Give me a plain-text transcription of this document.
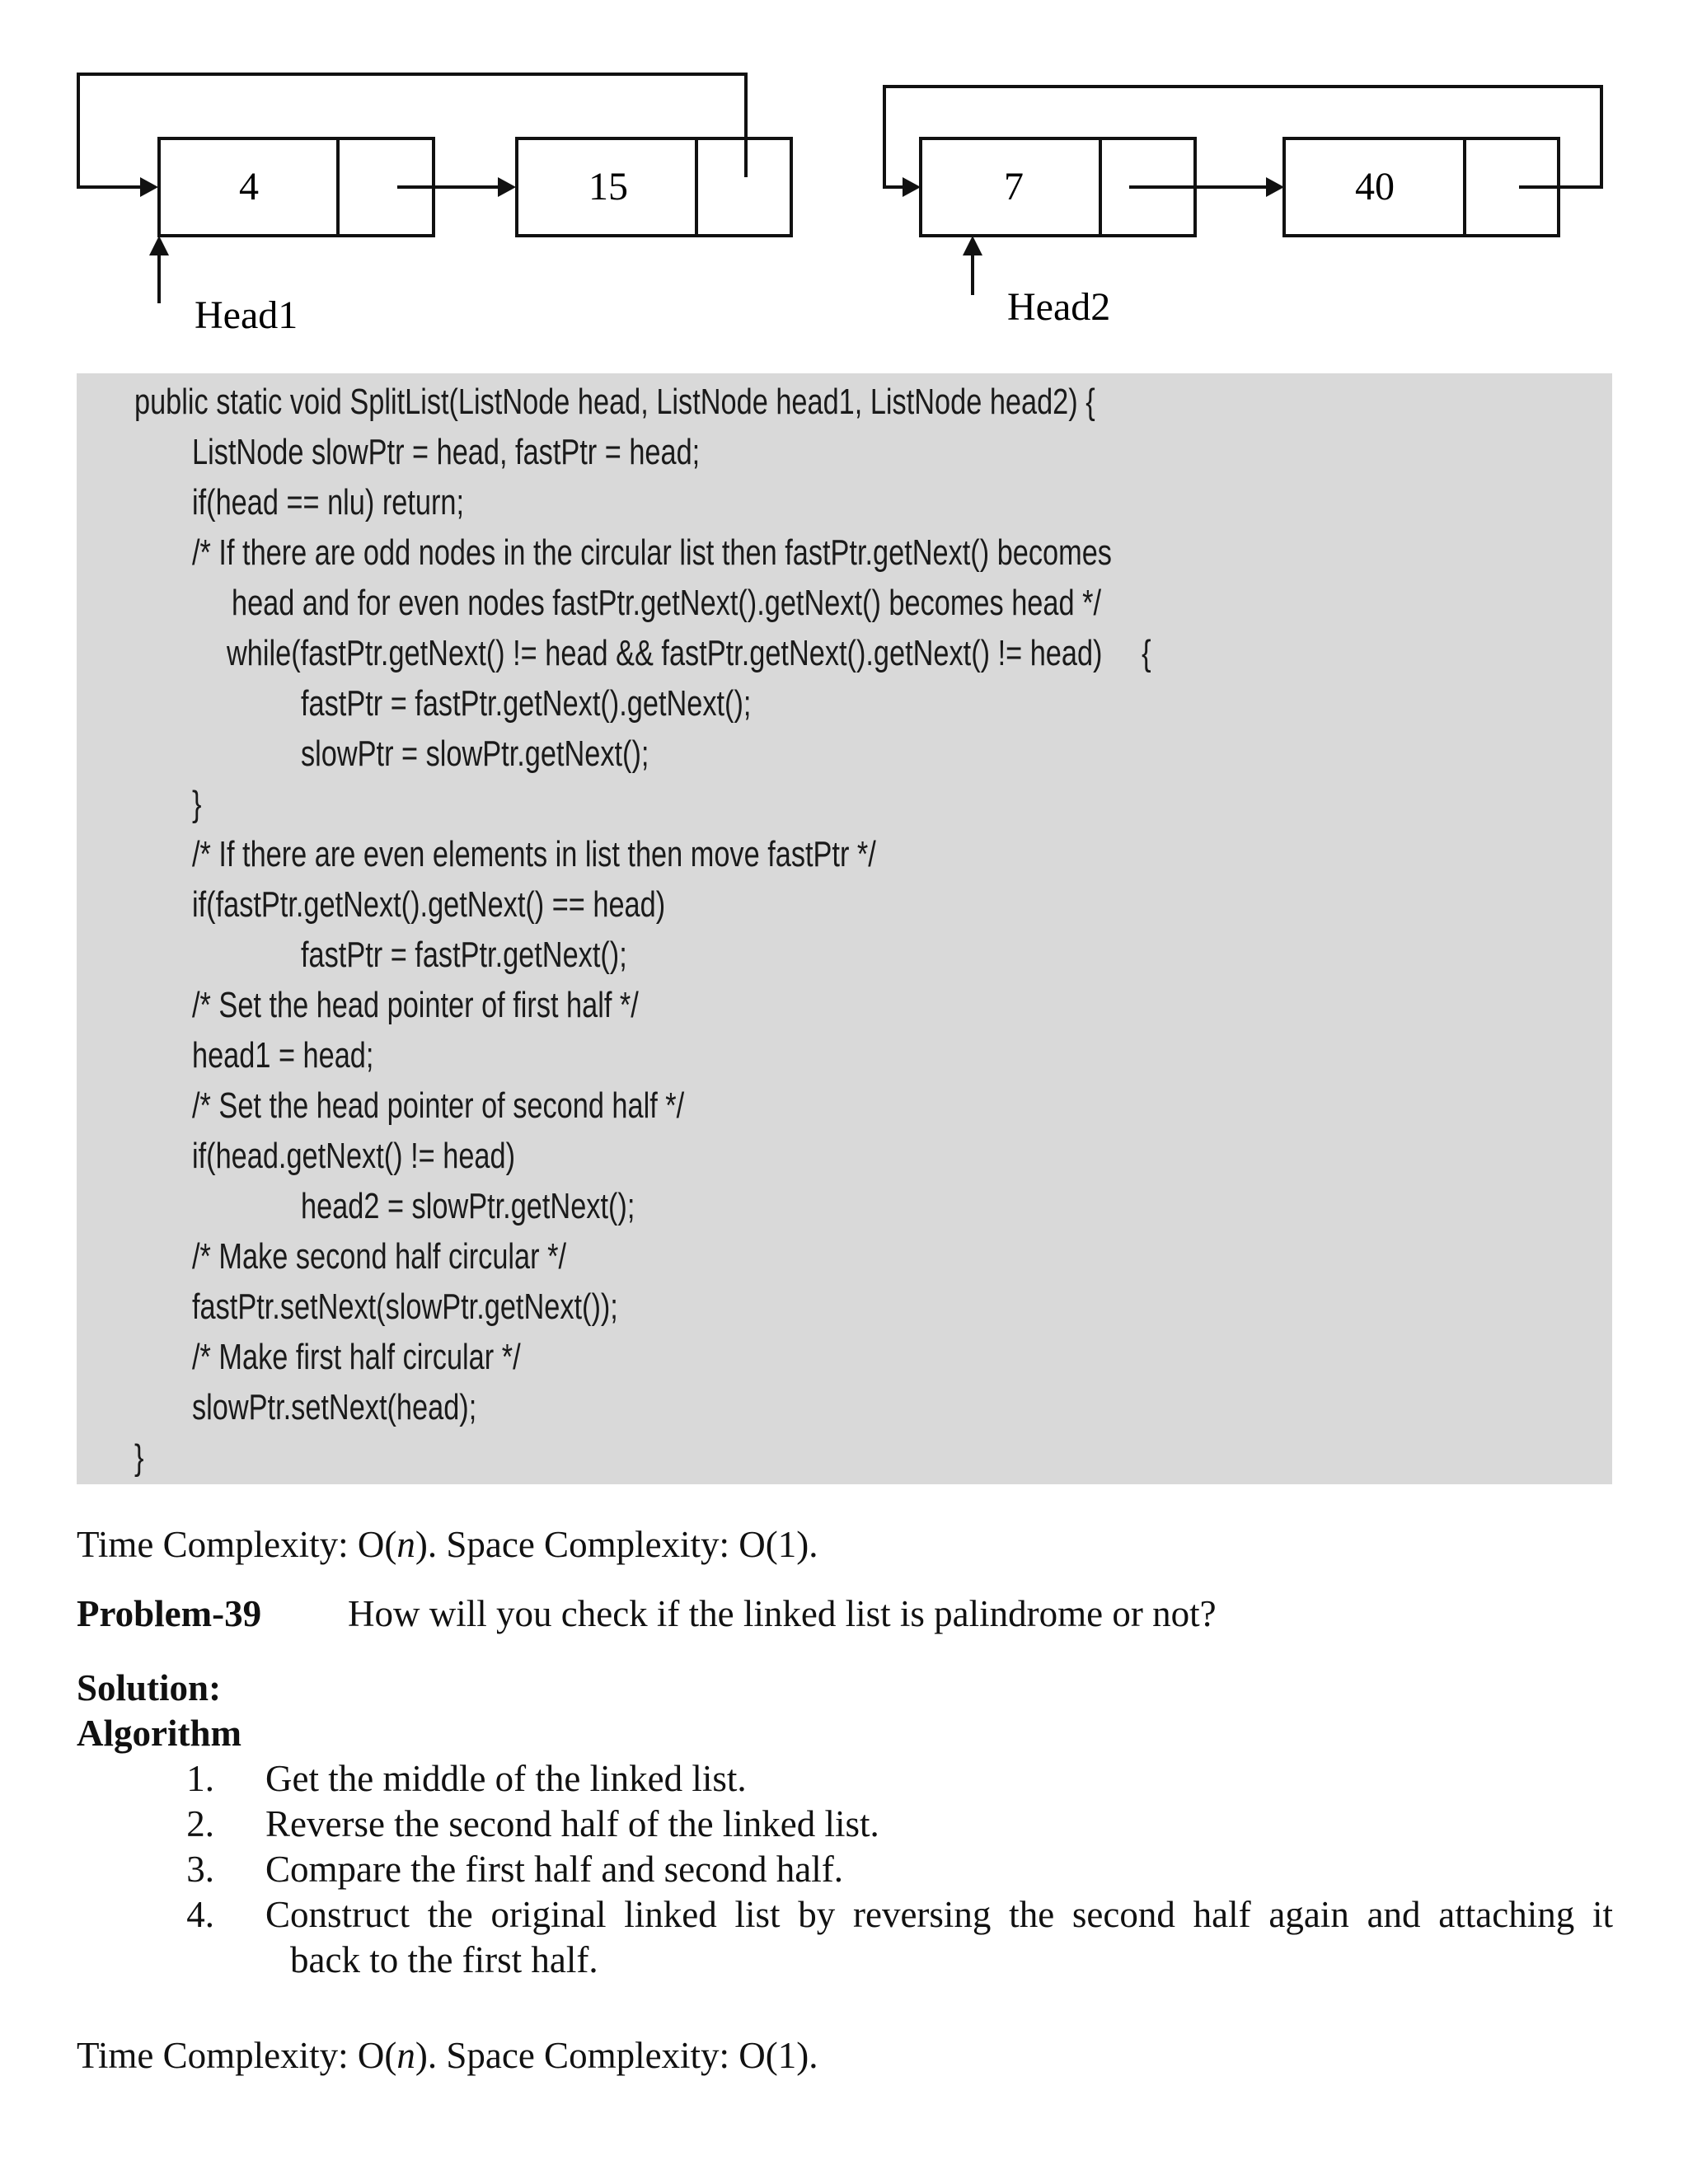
4	15
Head1
7	40
Head2
public static void SplitList(ListNode head, ListNode head1, ListNode head2) {
ListNode slowPtr = head, fastPtr = head;
if(head == nlu) return;
/* If there are odd nodes in the circular list then fastPtr.getNext() becomes
head and for even nodes fastPtr.getNext().getNext() becomes head */
while(fastPtr.getNext() != head && fastPtr.getNext().getNext() != head)     {
fastPtr = fastPtr.getNext().getNext();
slowPtr = slowPtr.getNext();
}
/* If there are even elements in list then move fastPtr */
if(fastPtr.getNext().getNext() == head)
fastPtr = fastPtr.getNext();
/* Set the head pointer of first half */
head1 = head;
/* Set the head pointer of second half */
if(head.getNext() != head)
head2 = slowPtr.getNext();
/* Make second half circular */
fastPtr.setNext(slowPtr.getNext());
/* Make first half circular */
slowPtr.setNext(head);
}
Time Complexity: O(n). Space Complexity: O(1).
Problem-39 How will you check if the linked list is palindrome or not?
Solution:
Algorithm
1. Get the middle of the linked list.
2. Reverse the second half of the linked list.
3. Compare the first half and second half.
4. Construct the original linked list by reversing the second half again and attaching it
back to the first half.
Time Complexity: O(n). Space Complexity: O(1).
